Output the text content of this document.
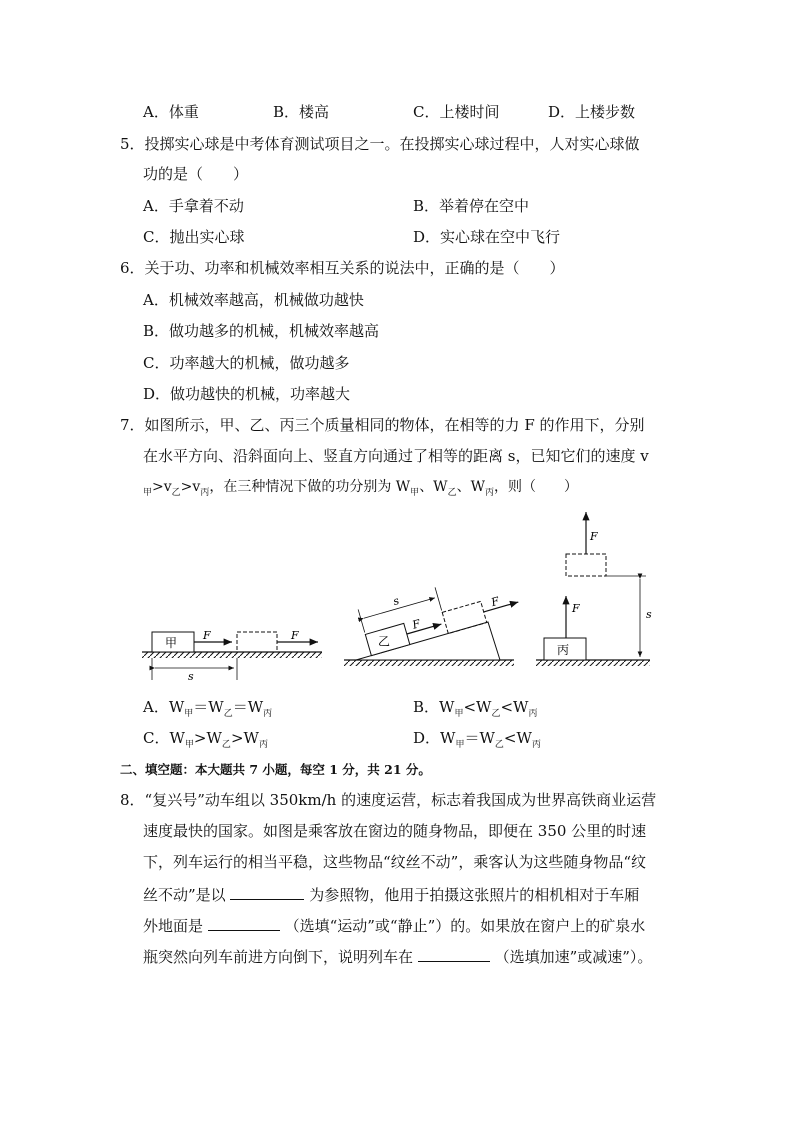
A．体重	B．楼高	C．上楼时间	D．上楼步数
5．投掷实心球是中考体育测试项目之一。在投掷实心球过程中，人对实心球做
功的是（　　）
A．手拿着不动	B．举着停在空中
C．抛出实心球	D．实心球在空中飞行
6．关于功、功率和机械效率相互关系的说法中，正确的是（　　）
A．机械效率越高，机械做功越快
B．做功越多的机械，机械效率越高
C．功率越大的机械，做功越多
D．做功越快的机械，功率越大
7．如图所示，甲、乙、丙三个质量相同的物体，在相等的力 F 的作用下，分别
在水平方向、沿斜面向上、竖直方向通过了相等的距离 s，已知它们的速度 v
$_甲>v_乙>v_丙$，在三种情况下做的功分别为 $W_甲$、$W_乙$、$W_丙$，则（　　）
甲
F	F
s
乙
F
F
s
丙
F
F
s
A．$W_甲=W_乙=W_丙$	B．$W_甲<W_乙<W_丙$
C．$W_甲>W_乙>W_丙$	D．$W_甲=W_乙<W_丙$
二、填空题：本大题共 7 小题，每空 1 分，共 21 分。
8．“复兴号”动车组以 350km/h 的速度运营，标志着我国成为世界高铁商业运营
速度最快的国家。如图是乘客放在窗边的随身物品，即便在 350 公里的时速
下，列车运行的相当平稳，这些物品“纹丝不动”，乘客认为这些随身物品“纹
丝不动”是以	为参照物，他用于拍摄这张照片的相机相对于车厢
外地面是	（选填“运动”或“静止”）的。如果放在窗户上的矿泉水
瓶突然向列车前进方向倒下，说明列车在	（选填加速”或减速”）。
